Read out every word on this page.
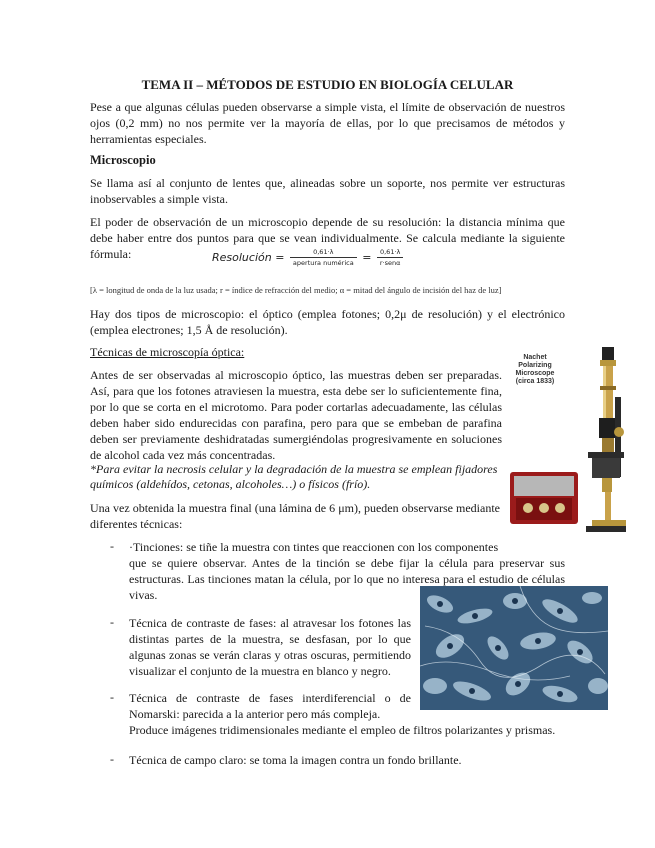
TEMA II – MÉTODOS DE ESTUDIO EN BIOLOGÍA CELULAR
Pese a que algunas células pueden observarse a simple vista, el límite de observación de nuestros ojos (0,2 mm) no nos permite ver la mayoría de ellas, por lo que precisamos de métodos y herramientas especiales.
Microscopio
Se llama así al conjunto de lentes que, alineadas sobre un soporte, nos permite ver estructuras inobservables a simple vista.
El poder de observación de un microscopio depende de su resolución: la distancia mínima que debe haber entre dos puntos para que se vean individualmente. Se calcula mediante la siguiente fórmula:	Resolución = $\frac{0,61\cdot\lambda}{\text{apertura numérica}} = \frac{0,61\cdot\lambda}{\text{r·senα}}$
[λ = longitud de onda de la luz usada; r = índice de refracción del medio; α = mitad del ángulo de incisión del haz de luz]
Hay dos tipos de microscopio: el óptico (emplea fotones; 0,2μ de resolución) y el electrónico (emplea electrones; 1,5 Å de resolución).
Técnicas de microscopía óptica:
Antes de ser observadas al microscopio óptico, las muestras deben ser preparadas. Así, para que los fotones atraviesen la muestra, esta debe ser lo suficientemente fina, por lo que se corta en el microtomo. Para poder cortarlas adecuadamente, las células deben haber sido endurecidas con parafina, pero para que se embeban de parafina deben ser previamente deshidratadas sumergiéndolas progresivamente en soluciones de alcohol cada vez más concentradas.
*Para evitar la necrosis celular y la degradación de la muestra se emplean fijadores
químicos (aldehídos, cetonas, alcoholes…) o físicos (frío).
Una vez obtenida la muestra final (una lámina de 6 μm), pueden observarse mediante diferentes técnicas:
- ·Tinciones: se tiñe la muestra con tintes que reaccionen con los componentes
que se quiere observar. Antes de la tinción se debe fijar la célula para preservar sus estructuras. Las tinciones matan la célula, por lo que no interesa para el estudio de células vivas.
- Técnica de contraste de fases: al atravesar los fotones las distintas partes de la muestra, se desfasan, por lo que algunas zonas se verán claras y otras oscuras, permitiendo visualizar el conjunto de la muestra en blanco y negro.
- Técnica de contraste de fases interdiferencial o de Nomarski: parecida a la anterior pero más compleja.
Produce imágenes tridimensionales mediante el empleo de filtros polarizantes y prismas.
- Técnica de campo claro: se toma la imagen contra un fondo brillante.
Nachet
Polarizing
Microscope
(circa 1833)
